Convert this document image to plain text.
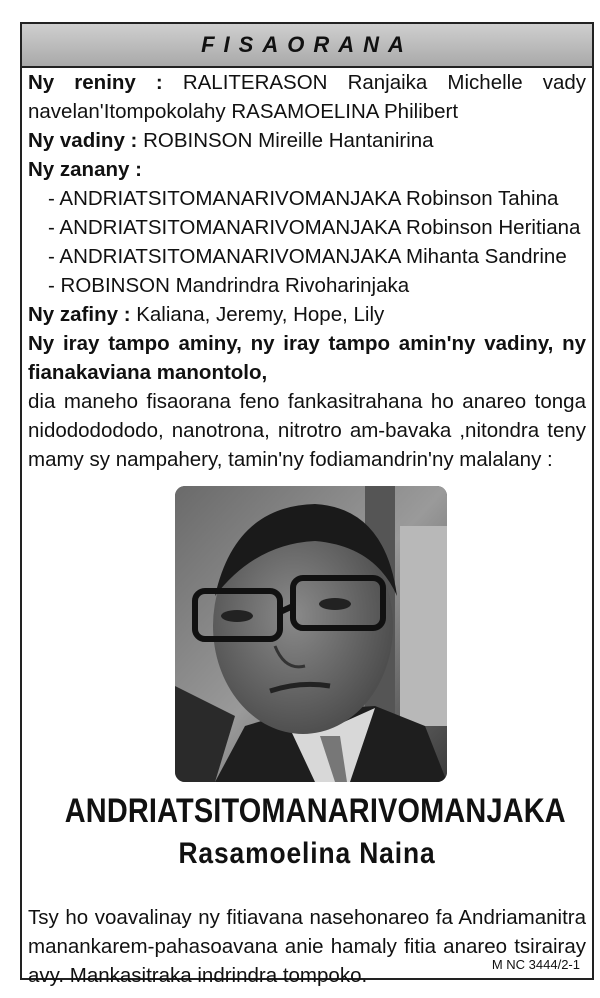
FISAORANA

Ny reniny : RALITERASON Ranjaika Michelle vady navelan'Itompokolahy RASAMOELINA Philibert

Ny vadiny : ROBINSON Mireille Hantanirina

Ny zanany :

- ANDRIATSITOMANARIVOMANJAKA Robinson Tahina

- ANDRIATSITOMANARIVOMANJAKA Robinson Heritiana

- ANDRIATSITOMANARIVOMANJAKA Mihanta Sandrine

- ROBINSON Mandrindra Rivoharinjaka

Ny zafiny : Kaliana, Jeremy, Hope, Lily

Ny iray tampo aminy, ny iray tampo amin'ny vadiny, ny fianakaviana manontolo,

dia maneho fisaorana feno fankasitrahana ho anareo tonga nidododododo, nanotrona, nitrotro am-bavaka ,nitondra teny mamy sy nampahery, tamin'ny fodiamandrin'ny malalany :

ANDRIATSITOMANARIVOMANJAKA
Rasamoelina Naina

Tsy ho voavalinay ny fitiavana nasehonareo fa Andriamanitra manankarem-pahasoavana anie hamaly fitia anareo tsirairay avy. Mankasitraka indrindra tompoko.	M NC 3444/2-1
